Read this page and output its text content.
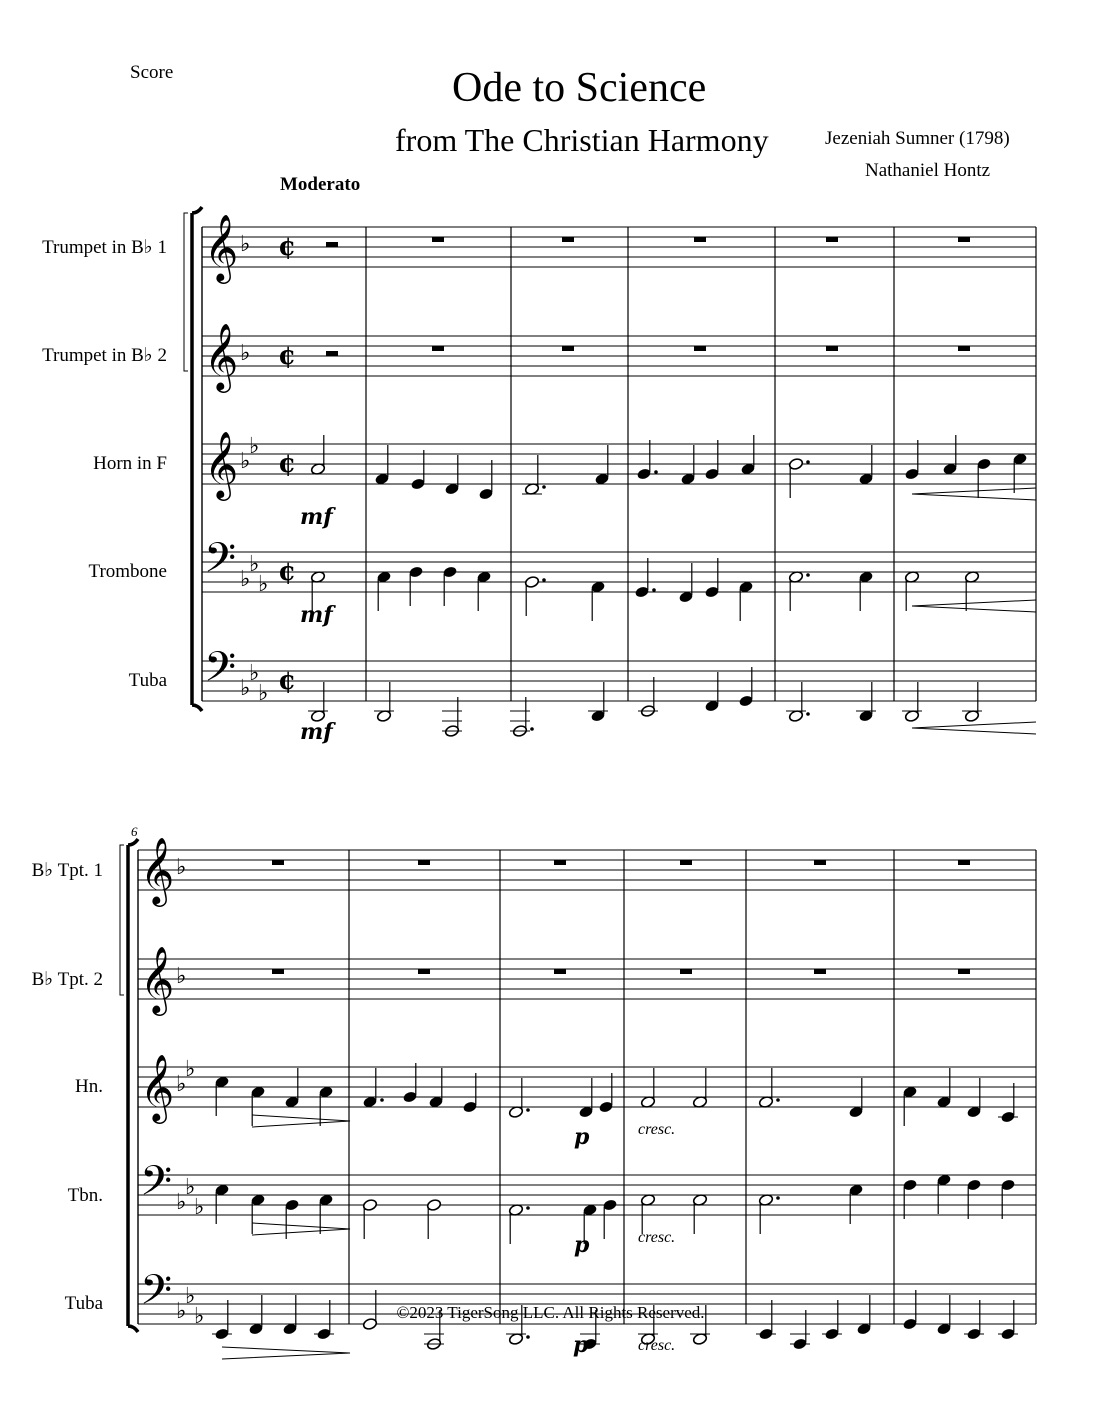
Score	Ode to Science
from The Christian Harmony	Jezeniah Sumner (1798)
Nathaniel Hontz
Moderato
Trumpet in B♭ 1
Trumpet in B♭ 2
Horn in F
Trombone
Tuba
B♭ Tpt. 1
B♭ Tpt. 2
Hn.
Tbn.
Tuba
𝄞 ♭ ¢
𝄞 ♭ ¢
𝄞 ♭
♭
¢
𝄢 ♭
♭
♭ ¢
𝄢 ♭
♭
♭ ¢
𝄞 ♭
𝄞 ♭
𝄞 ♭
♭
𝄢 ♭
♭
♭
𝄢 ♭
♭
♭
mf
mf
mf
6
p
p
p
cresc.
cresc.
cresc.
©2023 TigerSong LLC. All Rights Reserved.
